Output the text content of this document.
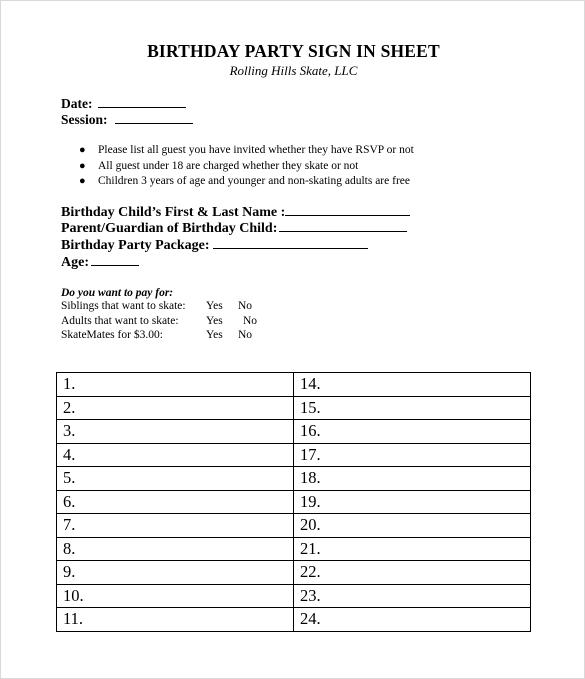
BIRTHDAY PARTY SIGN IN SHEET
Rolling Hills Skate, LLC
Date:
Session:
● Please list all guest you have invited whether they have RSVP or not
● All guest under 18 are charged whether they skate or not
● Children 3 years of age and younger and non-skating adults are free
Birthday Child’s First & Last Name :
Parent/Guardian of Birthday Child:
Birthday Party Package:
Age:
Do you want to pay for:
Siblings that want to skate: Yes No
Adults that want to skate: Yes No
SkateMates for $3.00:	Yes No
1.	14.
2.	15.
3.	16.
4.	17.
5.	18.
6.	19.
7.	20.
8.	21.
9.	22.
10.	23.
11.	24.
